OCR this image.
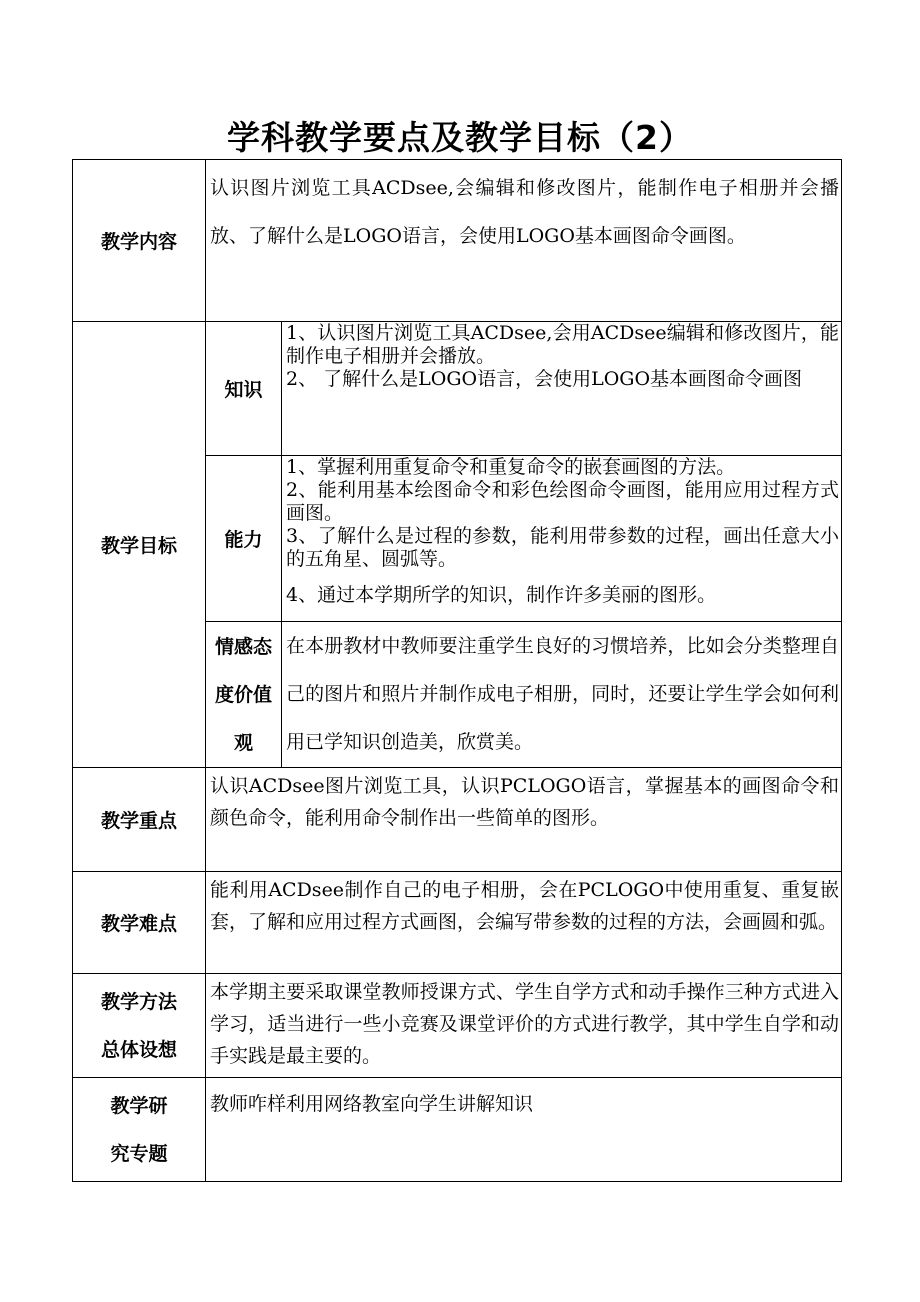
学科教学要点及教学目标（2）
教学内容	认识图片浏览工具ACDsee,会编辑和修改图片，能制作电子相册并会播放、了解什么是LOGO语言，会使用LOGO基本画图命令画图。	
教学目标	知识	1、认识图片浏览工具ACDsee,会用ACDsee编辑和修改图片，能制作电子相册并会播放。
2、 了解什么是LOGO语言，会使用LOGO基本画图命令画图

	能力	1、掌握利用重复命令和重复命令的嵌套画图的方法。
2、能利用基本绘图命令和彩色绘图命令画图，能用应用过程方式画图。
3、了解什么是过程的参数，能利用带参数的过程，画出任意大小的五角星、圆弧等。
4、通过本学期所学的知识，制作许多美丽的图形。

	情感态
度价值
观	在本册教材中教师要注重学生良好的习惯培养，比如会分类整理自己的图片和照片并制作成电子相册，同时，还要让学生学会如何利用已学知识创造美，欣赏美。
教学重点	认识ACDsee图片浏览工具，认识PCLOGO语言，掌握基本的画图命令和颜色命令，能利用命令制作出一些简单的图形。	
教学难点	能利用ACDsee制作自己的电子相册，会在PCLOGO中使用重复、重复嵌套，了解和应用过程方式画图，会编写带参数的过程的方法，会画圆和弧。	

教学方法
总体设想	本学期主要采取课堂教师授课方式、学生自学方式和动手操作三种方式进入学习，适当进行一些小竞赛及课堂评价的方式进行教学，其中学生自学和动手实践是最主要的。	

教学研
究专题	教师咋样利用网络教室向学生讲解知识	
